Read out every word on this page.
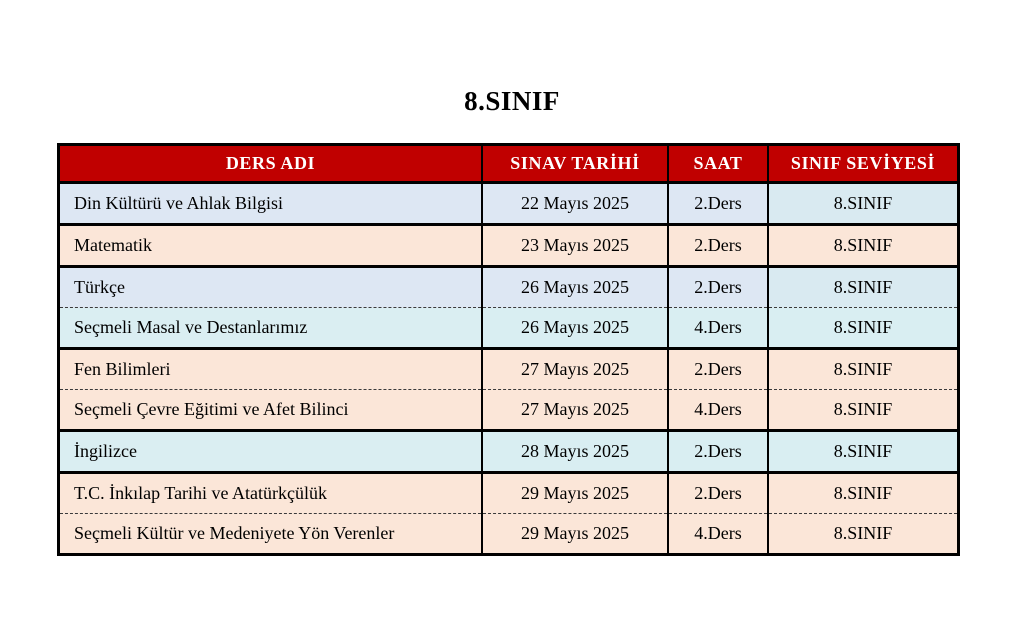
8.SINIF
DERS ADI	SINAV TARİHİ	SAAT	SINIF SEVİYESİ
Din Kültürü ve Ahlak Bilgisi	22 Mayıs 2025	2.Ders	8.SINIF
Matematik	23 Mayıs 2025	2.Ders	8.SINIF
Türkçe	26 Mayıs 2025	2.Ders	8.SINIF
Seçmeli Masal ve Destanlarımız	26 Mayıs 2025	4.Ders	8.SINIF
Fen Bilimleri	27 Mayıs 2025	2.Ders	8.SINIF
Seçmeli Çevre Eğitimi ve Afet Bilinci	27 Mayıs 2025	4.Ders	8.SINIF
İngilizce	28 Mayıs 2025	2.Ders	8.SINIF
T.C. İnkılap Tarihi ve Atatürkçülük	29 Mayıs 2025	2.Ders	8.SINIF
Seçmeli Kültür ve Medeniyete Yön Verenler	29 Mayıs 2025	4.Ders	8.SINIF
